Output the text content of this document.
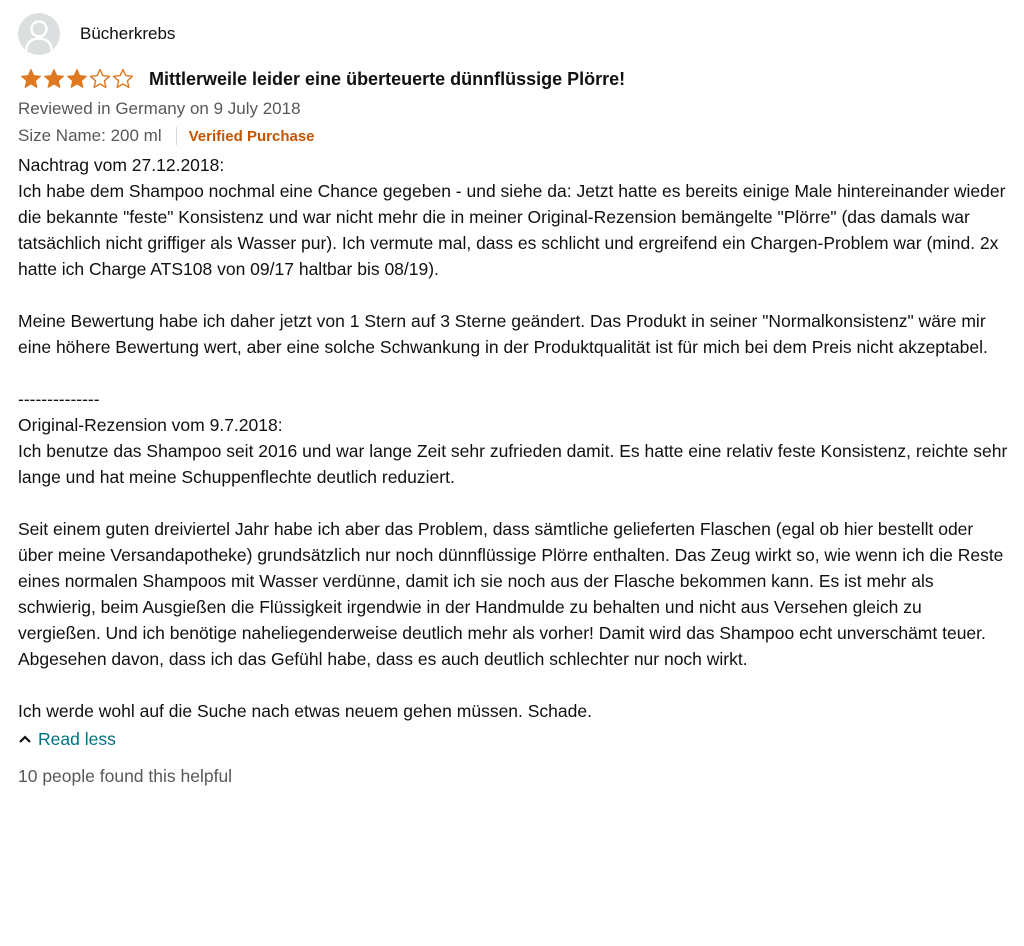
Bücherkrebs
Mittlerweile leider eine überteuerte dünnflüssige Plörre!
Reviewed in Germany on 9 July 2018
Size Name: 200 ml Verified Purchase

Nachtrag vom 27.12.2018:

Ich habe dem Shampoo nochmal eine Chance gegeben - und siehe da: Jetzt hatte es bereits einige Male hintereinander wieder die bekannte "feste" Konsistenz und war nicht mehr die in meiner Original-Rezension bemängelte "Plörre" (das damals war tatsächlich nicht griffiger als Wasser pur). Ich vermute mal, dass es schlicht und ergreifend ein Chargen-Problem war (mind. 2x hatte ich Charge ATS108 von 09/17 haltbar bis 08/19).

Meine Bewertung habe ich daher jetzt von 1 Stern auf 3 Sterne geändert. Das Produkt in seiner "Normalkonsistenz" wäre mir eine höhere Bewertung wert, aber eine solche Schwankung in der Produktqualität ist für mich bei dem Preis nicht akzeptabel.

--------------

Original-Rezension vom 9.7.2018:

Ich benutze das Shampoo seit 2016 und war lange Zeit sehr zufrieden damit. Es hatte eine relativ feste Konsistenz, reichte sehr lange und hat meine Schuppenflechte deutlich reduziert.

Seit einem guten dreiviertel Jahr habe ich aber das Problem, dass sämtliche gelieferten Flaschen (egal ob hier bestellt oder über meine Versandapotheke) grundsätzlich nur noch dünnflüssige Plörre enthalten. Das Zeug wirkt so, wie wenn ich die Reste eines normalen Shampoos mit Wasser verdünne, damit ich sie noch aus der Flasche bekommen kann. Es ist mehr als schwierig, beim Ausgießen die Flüssigkeit irgendwie in der Handmulde zu behalten und nicht aus Versehen gleich zu vergießen. Und ich benötige naheliegenderweise deutlich mehr als vorher! Damit wird das Shampoo echt unverschämt teuer. Abgesehen davon, dass ich das Gefühl habe, dass es auch deutlich schlechter nur noch wirkt.

Ich werde wohl auf die Suche nach etwas neuem gehen müssen. Schade.

Read less
10 people found this helpful
